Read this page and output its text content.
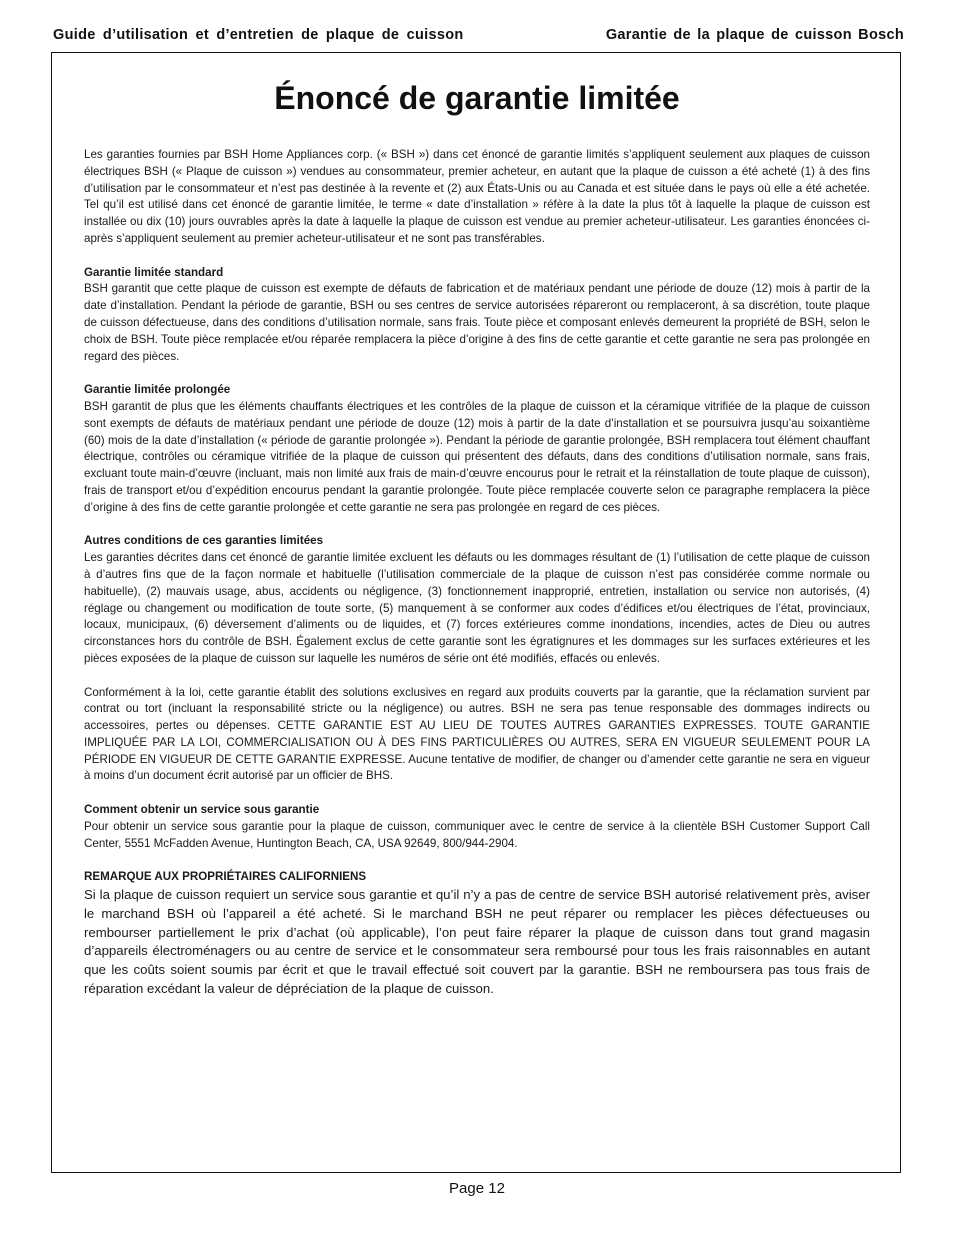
Guide d’utilisation et d’entretien de plaque de cuisson	Garantie de la plaque de cuisson Bosch
Énoncé de garantie limitée

Les garanties fournies par BSH Home Appliances corp. (« BSH ») dans cet énoncé de garantie limités s’appliquent seulement aux plaques de cuisson électriques BSH (« Plaque de cuisson ») vendues au consommateur, premier acheteur, en autant que la plaque de cuisson a été acheté (1) à des fins d’utilisation par le consommateur et n’est pas destinée à la revente et (2) aux États-Unis ou au Canada et est située dans le pays où elle a été achetée. Tel qu’il est utilisé dans cet énoncé de garantie limitée, le terme « date d’installation » réfère à la date la plus tôt à laquelle la plaque de cuisson est installée ou dix (10) jours ouvrables après la date à laquelle la plaque de cuisson est vendue au premier acheteur-utilisateur. Les garanties énoncées ci-après s’appliquent seulement au premier acheteur-utilisateur et ne sont pas transférables.

Garantie limitée standard
BSH garantit que cette plaque de cuisson est exempte de défauts de fabrication et de matériaux pendant une période de douze (12) mois à partir de la date d’installation. Pendant la période de garantie, BSH ou ses centres de service autorisées répareront ou remplaceront, à sa discrétion, toute plaque de cuisson défectueuse, dans des conditions d’utilisation normale, sans frais. Toute pièce et composant enlevés demeurent la propriété de BSH, selon le choix de BSH. Toute pièce remplacée et/ou réparée remplacera la pièce d’origine à des fins de cette garantie et cette garantie ne sera pas prolongée en regard des pièces.

Garantie limitée prolongée
BSH garantit de plus que les éléments chauffants électriques et les contrôles de la plaque de cuisson et la céramique vitrifiée de la plaque de cuisson sont exempts de défauts de matériaux pendant une période de douze (12) mois à partir de la date d’installation et se poursuivra jusqu’au soixantième (60) mois de la date d’installation (« période de garantie prolongée »). Pendant la période de garantie prolongée, BSH remplacera tout élément chauffant électrique, contrôles ou céramique vitrifiée de la plaque de cuisson qui présentent des défauts, dans des conditions d’utilisation normale, sans frais, excluant toute main-d’œuvre (incluant, mais non limité aux frais de main-d’œuvre encourus pour le retrait et la réinstallation de toute plaque de cuisson), frais de transport et/ou d’expédition encourus pendant la garantie prolongée. Toute pièce remplacée couverte selon ce paragraphe remplacera la pièce d’origine à des fins de cette garantie prolongée et cette garantie ne sera pas prolongée en regard de ces pièces.

Autres conditions de ces garanties limitées
Les garanties décrites dans cet énoncé de garantie limitée excluent les défauts ou les dommages résultant de (1) l’utilisation de cette plaque de cuisson à d’autres fins que de la façon normale et habituelle (l’utilisation commerciale de la plaque de cuisson n’est pas considérée comme normale ou habituelle), (2) mauvais usage, abus, accidents ou négligence, (3) fonctionnement inapproprié, entretien, installation ou service non autorisés, (4) réglage ou changement ou modification de toute sorte, (5) manquement à se conformer aux codes d’édifices et/ou électriques de l’état, provinciaux, locaux, municipaux, (6) déversement d’aliments ou de liquides, et (7) forces extérieures comme inondations, incendies, actes de Dieu ou autres circonstances hors du contrôle de BSH. Également exclus de cette garantie sont les égratignures et les dommages sur les surfaces extérieures et les pièces exposées de la plaque de cuisson sur laquelle les numéros de série ont été modifiés, effacés ou enlevés.

Conformément à la loi, cette garantie établit des solutions exclusives en regard aux produits couverts par la garantie, que la réclamation survient par contrat ou tort (incluant la responsabilité stricte ou la négligence) ou autres. BSH ne sera pas tenue responsable des dommages indirects ou accessoires, pertes ou dépenses. CETTE GARANTIE EST AU LIEU DE TOUTES AUTRES GARANTIES EXPRESSES. TOUTE GARANTIE IMPLIQUÉE PAR LA LOI, COMMERCIALISATION OU À DES FINS PARTICULIÈRES OU AUTRES, SERA EN VIGUEUR SEULEMENT POUR LA PÉRIODE EN VIGUEUR DE CETTE GARANTIE EXPRESSE. Aucune tentative de modifier, de changer ou d’amender cette garantie ne sera en vigueur à moins d’un document écrit autorisé par un officier de BHS.

Comment obtenir un service sous garantie
Pour obtenir un service sous garantie pour la plaque de cuisson, communiquer avec le centre de service à la clientèle BSH Customer Support Call Center, 5551 McFadden Avenue, Huntington Beach, CA, USA 92649, 800/944-2904.

REMARQUE AUX PROPRIÉTAIRES CALIFORNIENS
Si la plaque de cuisson requiert un service sous garantie et qu’il n’y a pas de centre de service BSH autorisé relativement près, aviser le marchand BSH où l’appareil a été acheté. Si le marchand BSH ne peut réparer ou remplacer les pièces défectueuses ou rembourser partiellement le prix d’achat (où applicable), l’on peut faire réparer la plaque de cuisson dans tout grand magasin d’appareils électroménagers ou au centre de service et le consommateur sera remboursé pour tous les frais raisonnables en autant que les coûts soient soumis par écrit et que le travail effectué soit couvert par la garantie. BSH ne remboursera pas tous frais de réparation excédant la valeur de dépréciation de la plaque de cuisson.

Page 12
